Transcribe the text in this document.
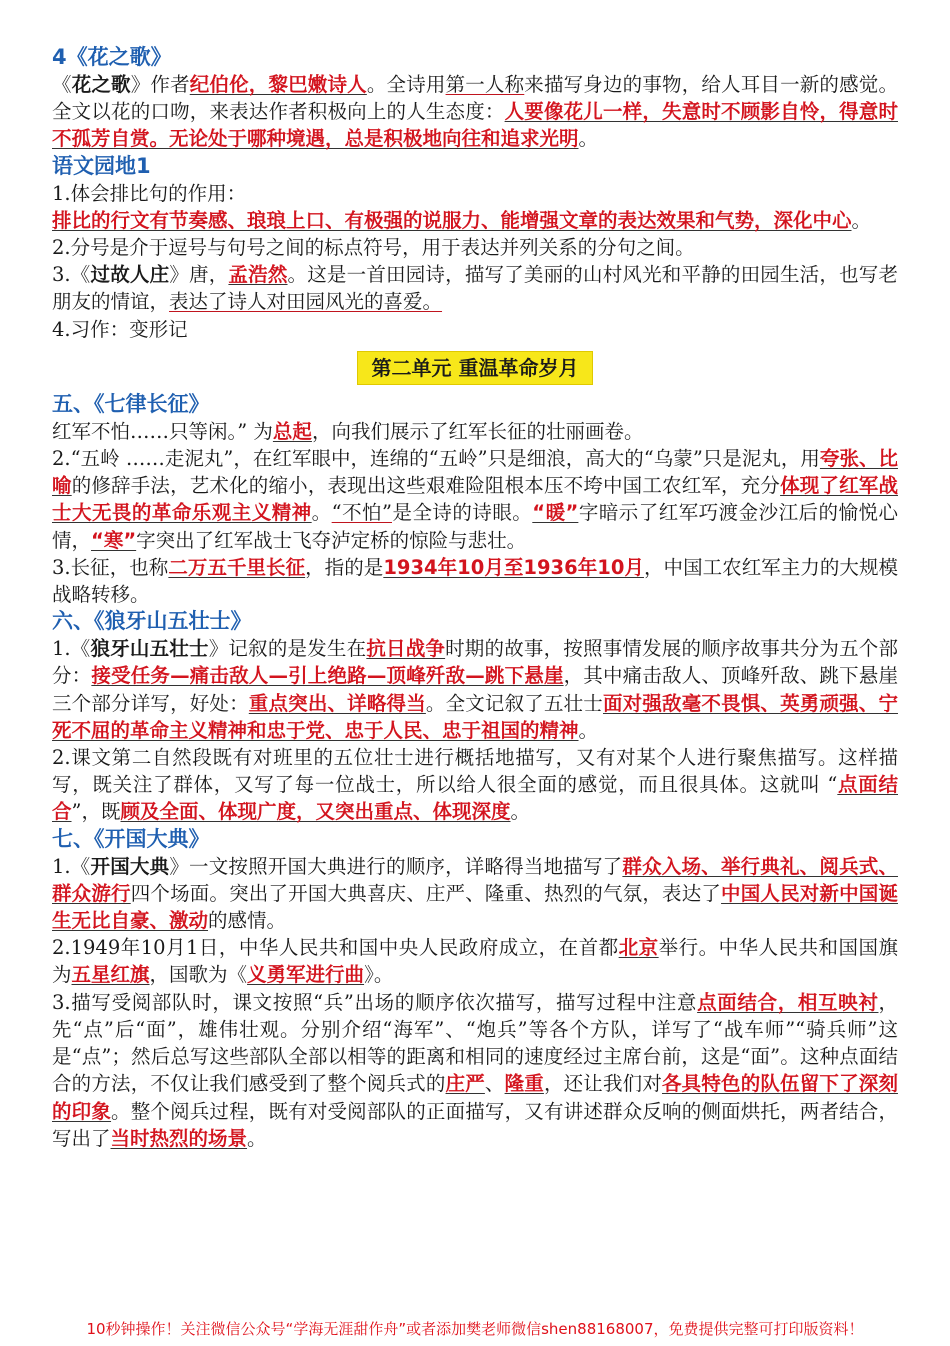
4《花之歌》

《花之歌》作者纪伯伦，黎巴嫩诗人。全诗用第一人称来描写身边的事物，给人耳目一新的感觉。全文以花的口吻，来表达作者积极向上的人生态度：人要像花儿一样，失意时不顾影自怜，得意时不孤芳自赏。无论处于哪种境遇，总是积极地向往和追求光明。

语文园地1

1.体会排比句的作用：

排比的行文有节奏感、琅琅上口、有极强的说服力、能增强文章的表达效果和气势，深化中心。

2.分号是介于逗号与句号之间的标点符号，用于表达并列关系的分句之间。

3.《过故人庄》唐，孟浩然。这是一首田园诗，描写了美丽的山村风光和平静的田园生活，也写老朋友的情谊，表达了诗人对田园风光的喜爱。

4.习作：变形记

第二单元 重温革命岁月
五、《七律长征》

红军不怕……只等闲。” 为总起，向我们展示了红军长征的壮丽画卷。

2.“五岭 ……走泥丸”，在红军眼中，连绵的“五岭”只是细浪，高大的“乌蒙”只是泥丸，用夸张、比喻的修辞手法，艺术化的缩小，表现出这些艰难险阻根本压不垮中国工农红军，充分体现了红军战士大无畏的革命乐观主义精神。“不怕”是全诗的诗眼。“暖”字暗示了红军巧渡金沙江后的愉悦心情，“寒”字突出了红军战士飞夺泸定桥的惊险与悲壮。

3.长征，也称二万五千里长征，指的是1934年10月至1936年10月，中国工农红军主力的大规模战略转移。

六、《狼牙山五壮士》

1.《狼牙山五壮士》记叙的是发生在抗日战争时期的故事，按照事情发展的顺序故事共分为五个部分：接受任务—痛击敌人—引上绝路—顶峰歼敌—跳下悬崖，其中痛击敌人、顶峰歼敌、跳下悬崖三个部分详写，好处：重点突出、详略得当。全文记叙了五壮士面对强敌毫不畏惧、英勇顽强、宁死不屈的革命主义精神和忠于党、忠于人民、忠于祖国的精神。

2.课文第二自然段既有对班里的五位壮士进行概括地描写，又有对某个人进行聚焦描写。这样描写，既关注了群体，又写了每一位战士，所以给人很全面的感觉，而且很具体。这就叫 “点面结合”，既顾及全面、体现广度，又突出重点、体现深度。

七、《开国大典》

1.《开国大典》一文按照开国大典进行的顺序，详略得当地描写了群众入场、举行典礼、阅兵式、群众游行四个场面。突出了开国大典喜庆、庄严、隆重、热烈的气氛，表达了中国人民对新中国诞生无比自豪、激动的感情。

2.1949年10月1日，中华人民共和国中央人民政府成立，在首都北京举行。中华人民共和国国旗为五星红旗，国歌为《义勇军进行曲》。

3.描写受阅部队时，课文按照“兵”出场的顺序依次描写，描写过程中注意点面结合，相互映衬，先“点”后“面”，雄伟壮观。分别介绍“海军”、“炮兵”等各个方队，详写了“战车师”“骑兵师”这是“点”；然后总写这些部队全部以相等的距离和相同的速度经过主席台前，这是“面”。这种点面结合的方法，不仅让我们感受到了整个阅兵式的庄严、隆重，还让我们对各具特色的队伍留下了深刻的印象。整个阅兵过程，既有对受阅部队的正面描写，又有讲述群众反响的侧面烘托，两者结合，写出了当时热烈的场景。

10秒钟操作！关注微信公众号“学海无涯甜作舟”或者添加樊老师微信shen88168007，免费提供完整可打印版资料！
